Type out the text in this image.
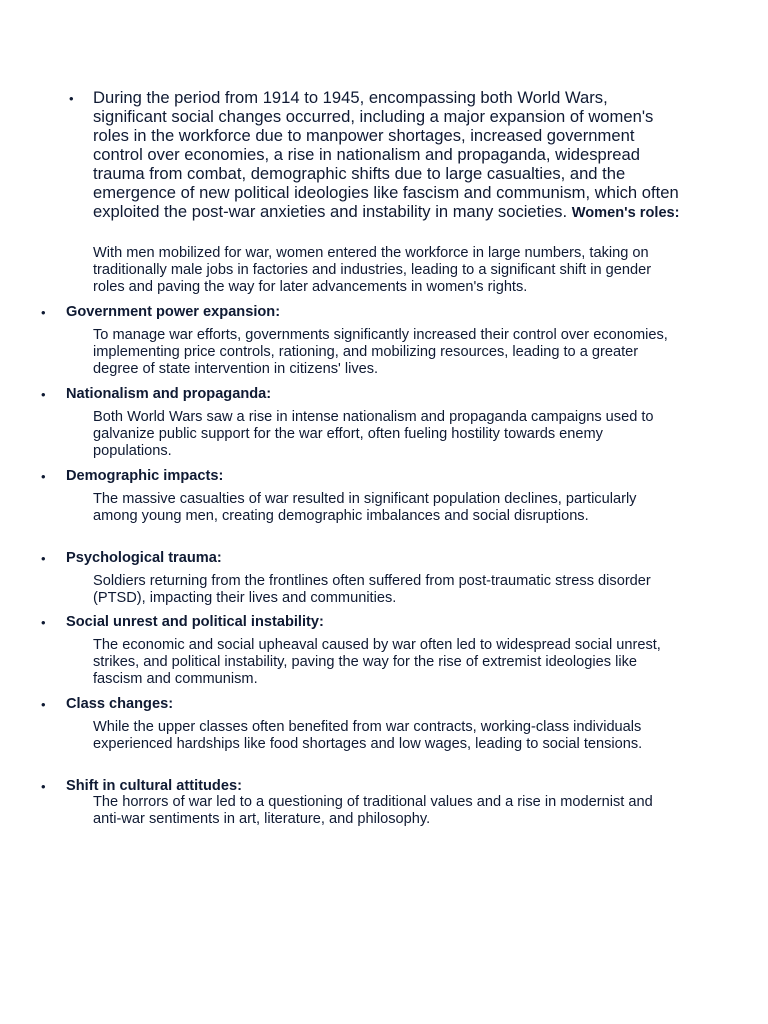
• During the period from 1914 to 1945, encompassing both World Wars, significant social changes occurred, including a major expansion of women's roles in the workforce due to manpower shortages, increased government control over economies, a rise in nationalism and propaganda, widespread trauma from combat, demographic shifts due to large casualties, and the emergence of new political ideologies like fascism and communism, which often exploited the post-war anxieties and instability in many societies. Women's roles:
With men mobilized for war, women entered the workforce in large numbers, taking on traditionally male jobs in factories and industries, leading to a significant shift in gender roles and paving the way for later advancements in women's rights.
• Government power expansion:
To manage war efforts, governments significantly increased their control over economies, implementing price controls, rationing, and mobilizing resources, leading to a greater degree of state intervention in citizens' lives.
• Nationalism and propaganda:
Both World Wars saw a rise in intense nationalism and propaganda campaigns used to galvanize public support for the war effort, often fueling hostility towards enemy populations.
• Demographic impacts:
The massive casualties of war resulted in significant population declines, particularly among young men, creating demographic imbalances and social disruptions.
• Psychological trauma:
Soldiers returning from the frontlines often suffered from post-traumatic stress disorder (PTSD), impacting their lives and communities.
• Social unrest and political instability:
The economic and social upheaval caused by war often led to widespread social unrest, strikes, and political instability, paving the way for the rise of extremist ideologies like fascism and communism.
• Class changes:
While the upper classes often benefited from war contracts, working-class individuals experienced hardships like food shortages and low wages, leading to social tensions.
• Shift in cultural attitudes:
The horrors of war led to a questioning of traditional values and a rise in modernist and anti-war sentiments in art, literature, and philosophy.
